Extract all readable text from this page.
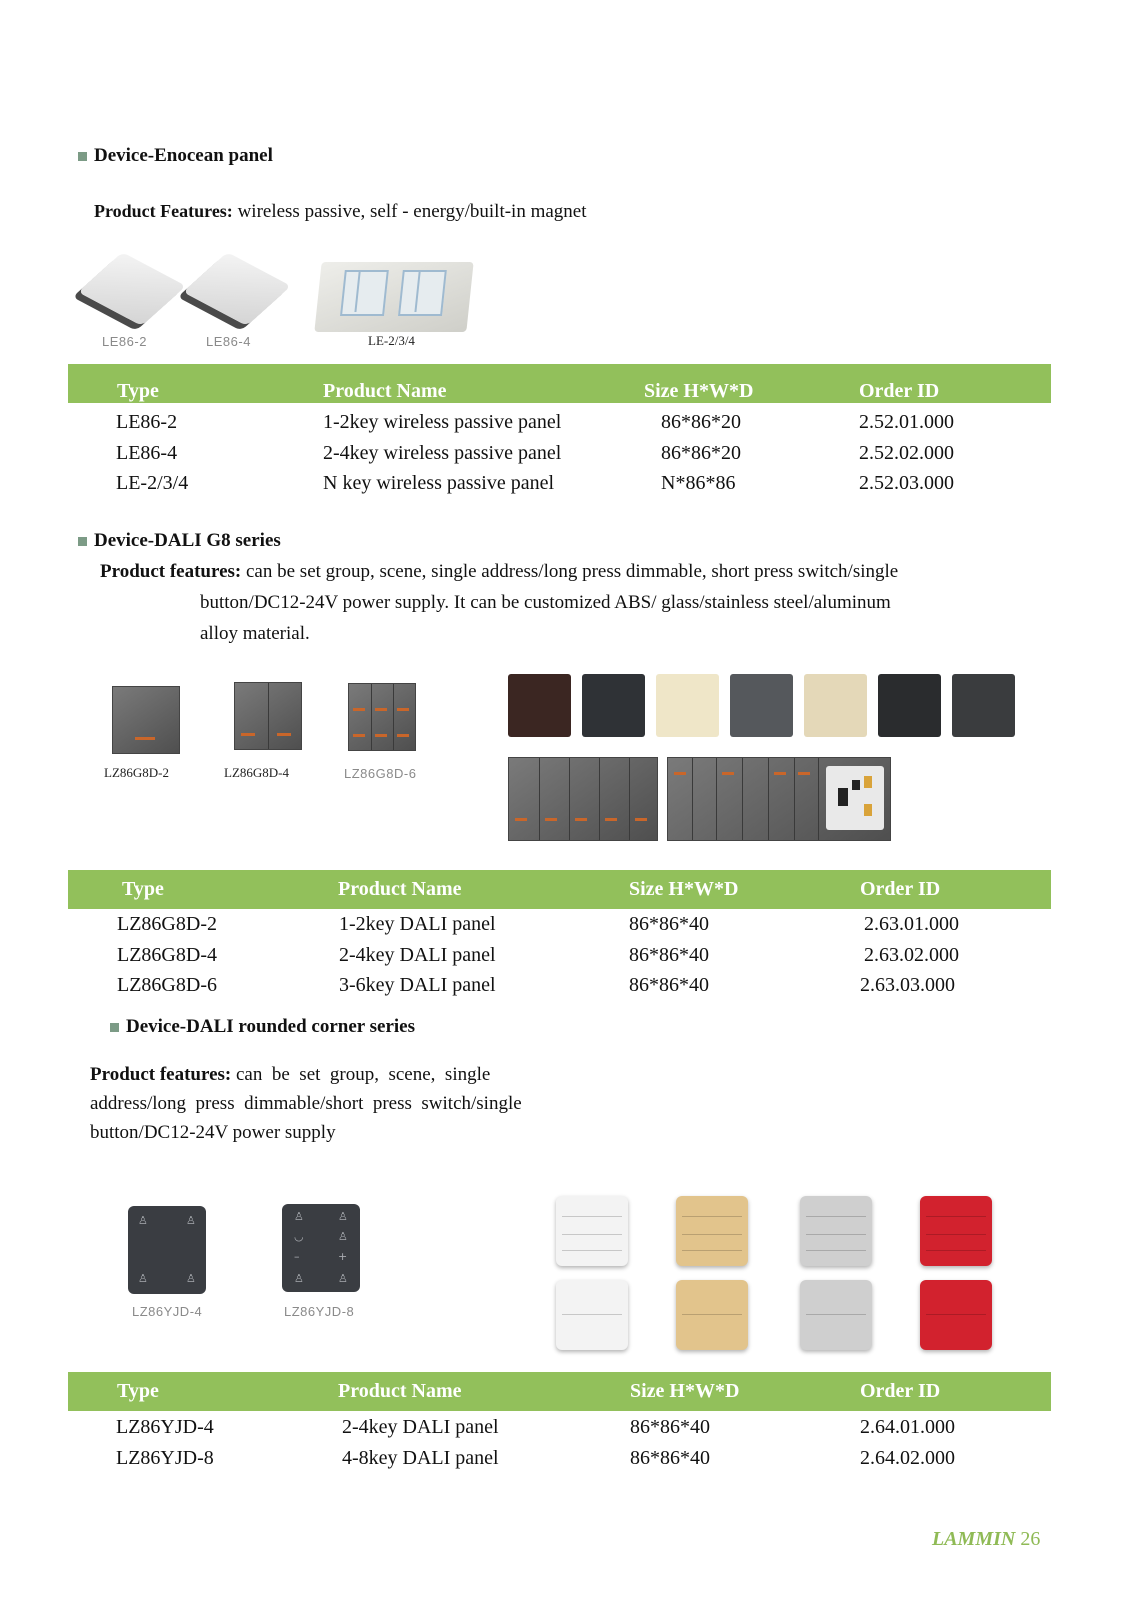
Device-Enocean panel
Product Features: wireless passive, self - energy/built-in magnet
LE86-2	LE86-4	LE-2/3/4
Type	Product Name	Size H*W*D	Order ID
LE86-2	1-2key wireless passive panel	86*86*20	2.52.01.000
LE86-4	2-4key wireless passive panel	86*86*20	2.52.02.000
LE-2/3/4	N key wireless passive panel	N*86*86	2.52.03.000
Device-DALI G8 series
Product features: can be set group, scene, single address/long press dimmable, short press switch/single
button/DC12-24V power supply. It can be customized ABS/ glass/stainless steel/aluminum
alloy material.
LZ86G8D-2	LZ86G8D-4	LZ86G8D-6
Type	Product Name	Size H*W*D	Order ID
LZ86G8D-2	1-2key DALI panel	86*86*40	2.63.01.000
LZ86G8D-4	2-4key DALI panel	86*86*40	2.63.02.000
LZ86G8D-6	3-6key DALI panel	86*86*40	2.63.03.000
Device-DALI rounded corner series
Product features: can  be  set  group,  scene,  single
address/long  press  dimmable/short  press  switch/single
button/DC12-24V power supply
♙	♙
♙	♙
♙	♙
◡	♙
–	+
♙	♙
LZ86YJD-4	LZ86YJD-8
Type	Product Name	Size H*W*D	Order ID
LZ86YJD-4	2-4key DALI panel	86*86*40	2.64.01.000
LZ86YJD-8	4-8key DALI panel	86*86*40	2.64.02.000
LAMMIN 26
